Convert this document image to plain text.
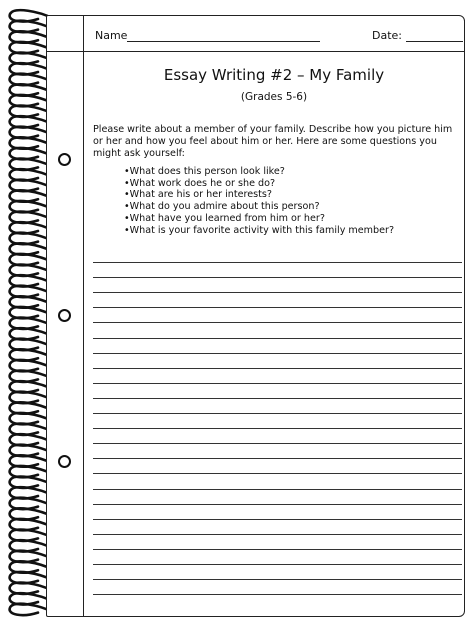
Name	Date:
Essay Writing #2 – My Family
(Grades 5-6)
Please write about a member of your family. Describe how you picture him or her and how you feel about him or her. Here are some questions you might ask yourself:
• What does this person look like?
• What work does he or she do?
• What are his or her interests?
• What do you admire about this person?
• What have you learned from him or her?
• What is your favorite activity with this family member?
